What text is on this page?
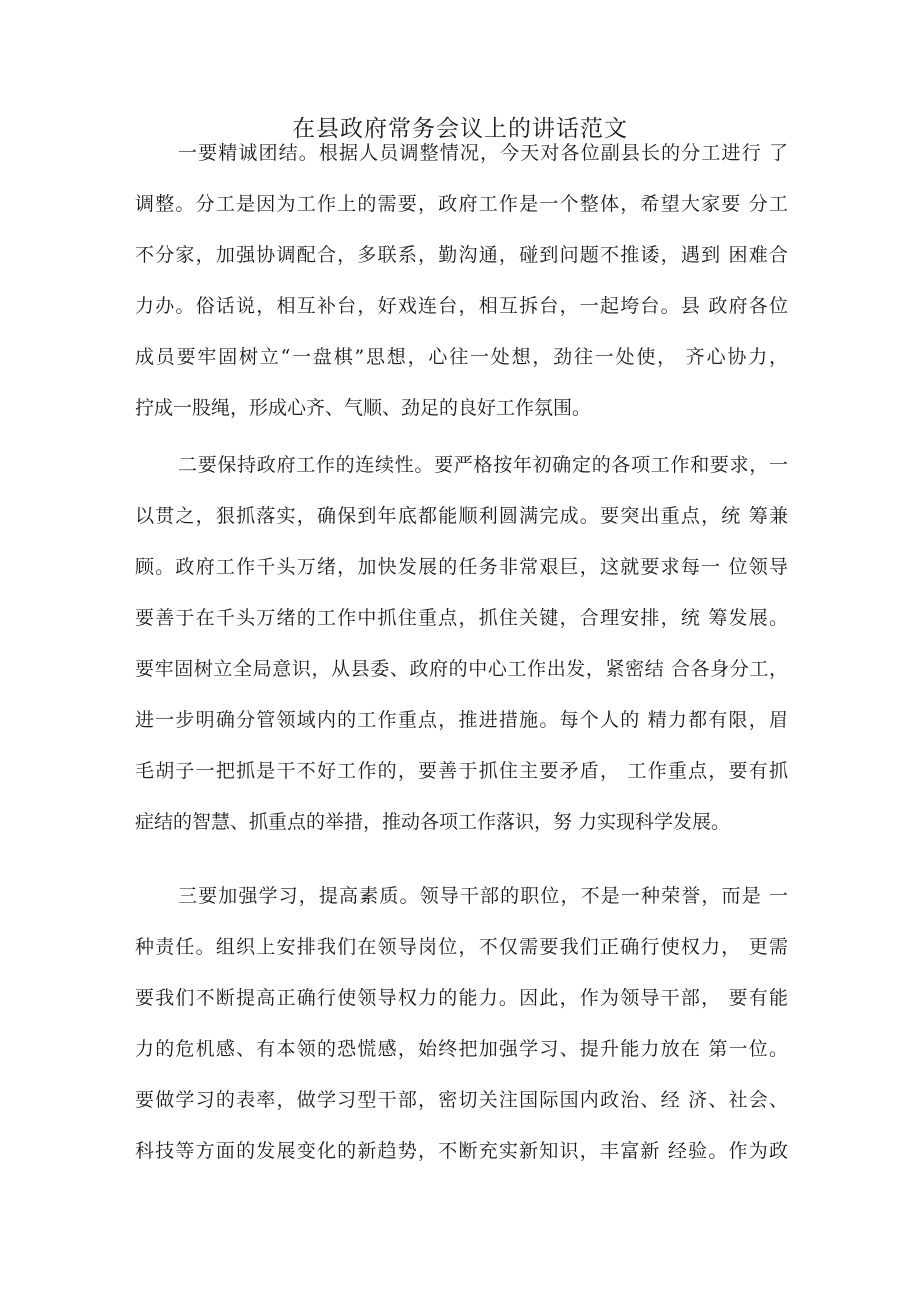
在县政府常务会议上的讲话范文
一要精诚团结。根据人员调整情况，今天对各位副县长的分工进行 了
调整。分工是因为工作上的需要，政府工作是一个整体，希望大家要 分工
不分家，加强协调配合，多联系，勤沟通，碰到问题不推诿，遇到 困难合
力办。俗话说，相互补台，好戏连台，相互拆台，一起垮台。县 政府各位
成员要牢固树立“一盘棋”思想，心往一处想，劲往一处使， 齐心协力，
拧成一股绳，形成心齐、气顺、劲足的良好工作氛围。
二要保持政府工作的连续性。要严格按年初确定的各项工作和要求，一
以贯之，狠抓落实，确保到年底都能顺利圆满完成。要突出重点，统 筹兼
顾。政府工作千头万绪，加快发展的任务非常艰巨，这就要求每一 位领导
要善于在千头万绪的工作中抓住重点，抓住关键，合理安排，统 筹发展。
要牢固树立全局意识，从县委、政府的中心工作出发，紧密结 合各身分工，
进一步明确分管领域内的工作重点，推进措施。每个人的 精力都有限，眉
毛胡子一把抓是干不好工作的，要善于抓住主要矛盾， 工作重点，要有抓
症结的智慧、抓重点的举措，推动各项工作落识，努 力实现科学发展。
三要加强学习，提高素质。领导干部的职位，不是一种荣誉，而是 一
种责任。组织上安排我们在领导岗位，不仅需要我们正确行使权力， 更需
要我们不断提高正确行使领导权力的能力。因此，作为领导干部， 要有能
力的危机感、有本领的恐慌感，始终把加强学习、提升能力放在 第一位。
要做学习的表率，做学习型干部，密切关注国际国内政治、经 济、社会、
科技等方面的发展变化的新趋势，不断充实新知识，丰富新 经验。作为政
